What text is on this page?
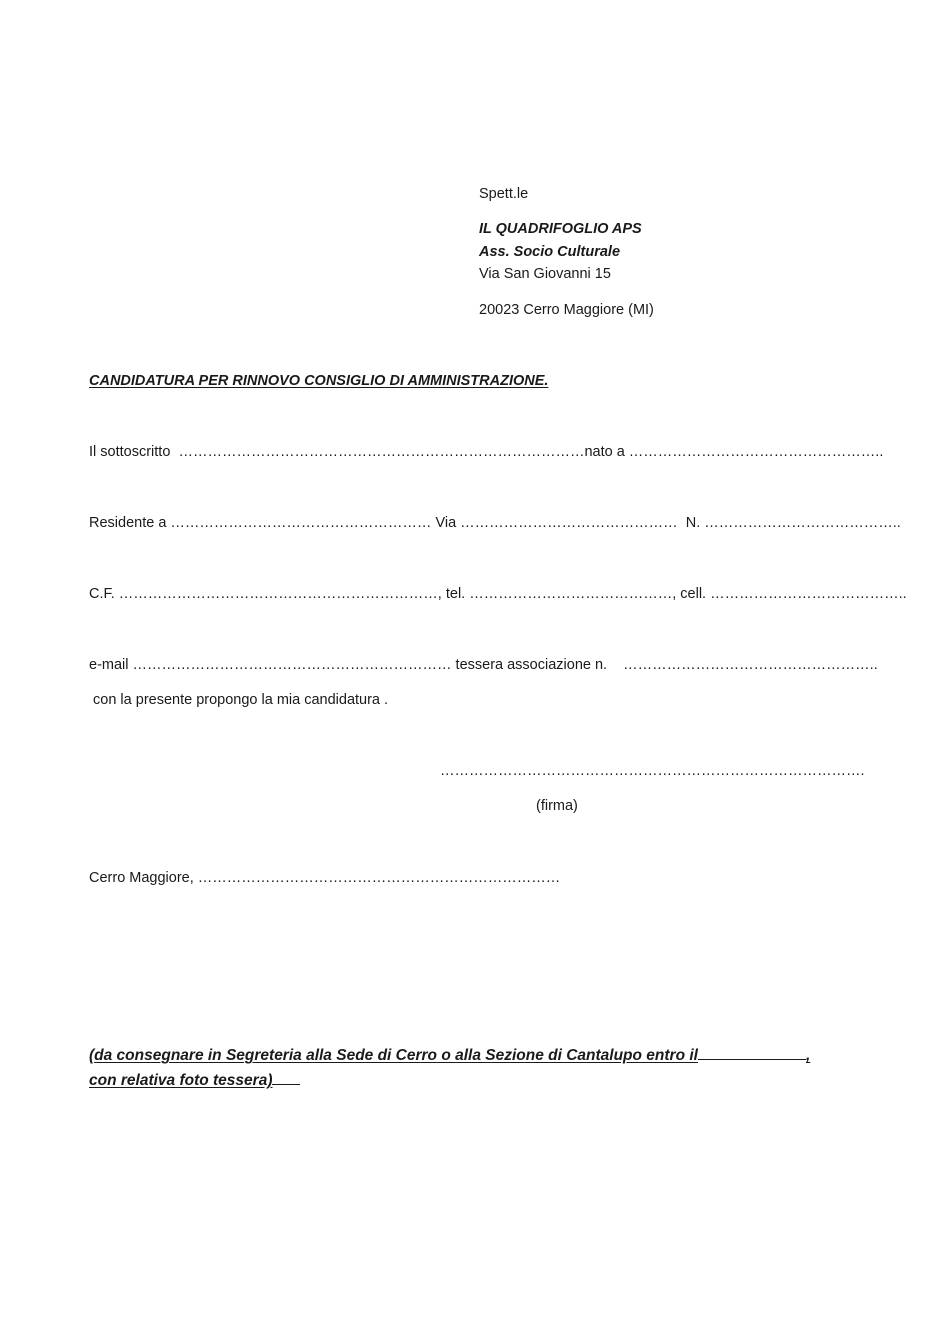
Spett.le
IL QUADRIFOGLIO APS
Ass. Socio Culturale
Via San Giovanni 15
20023 Cerro Maggiore (MI)
CANDIDATURA PER RINNOVO CONSIGLIO DI AMMINISTRAZIONE.
Il sottoscritto  …………………………………………………………………………nato a ……………………………………………..
Residente a ……………………………………………… Via ………………………………………  N. …………………………………..
C.F. …………………………………………………………, tel. ……………………………………, cell. …………………………………..
e-mail ………………………………………………………… tessera associazione n.    ……………………………………………..
con la presente propongo la mia candidatura .
…………………………………………………………………………….
(firma)
Cerro Maggiore, …………………………………………………………………
(da consegnare in Segreteria alla Sede di Cerro o alla Sezione di Cantalupo entro il	,
con relativa foto tessera)
